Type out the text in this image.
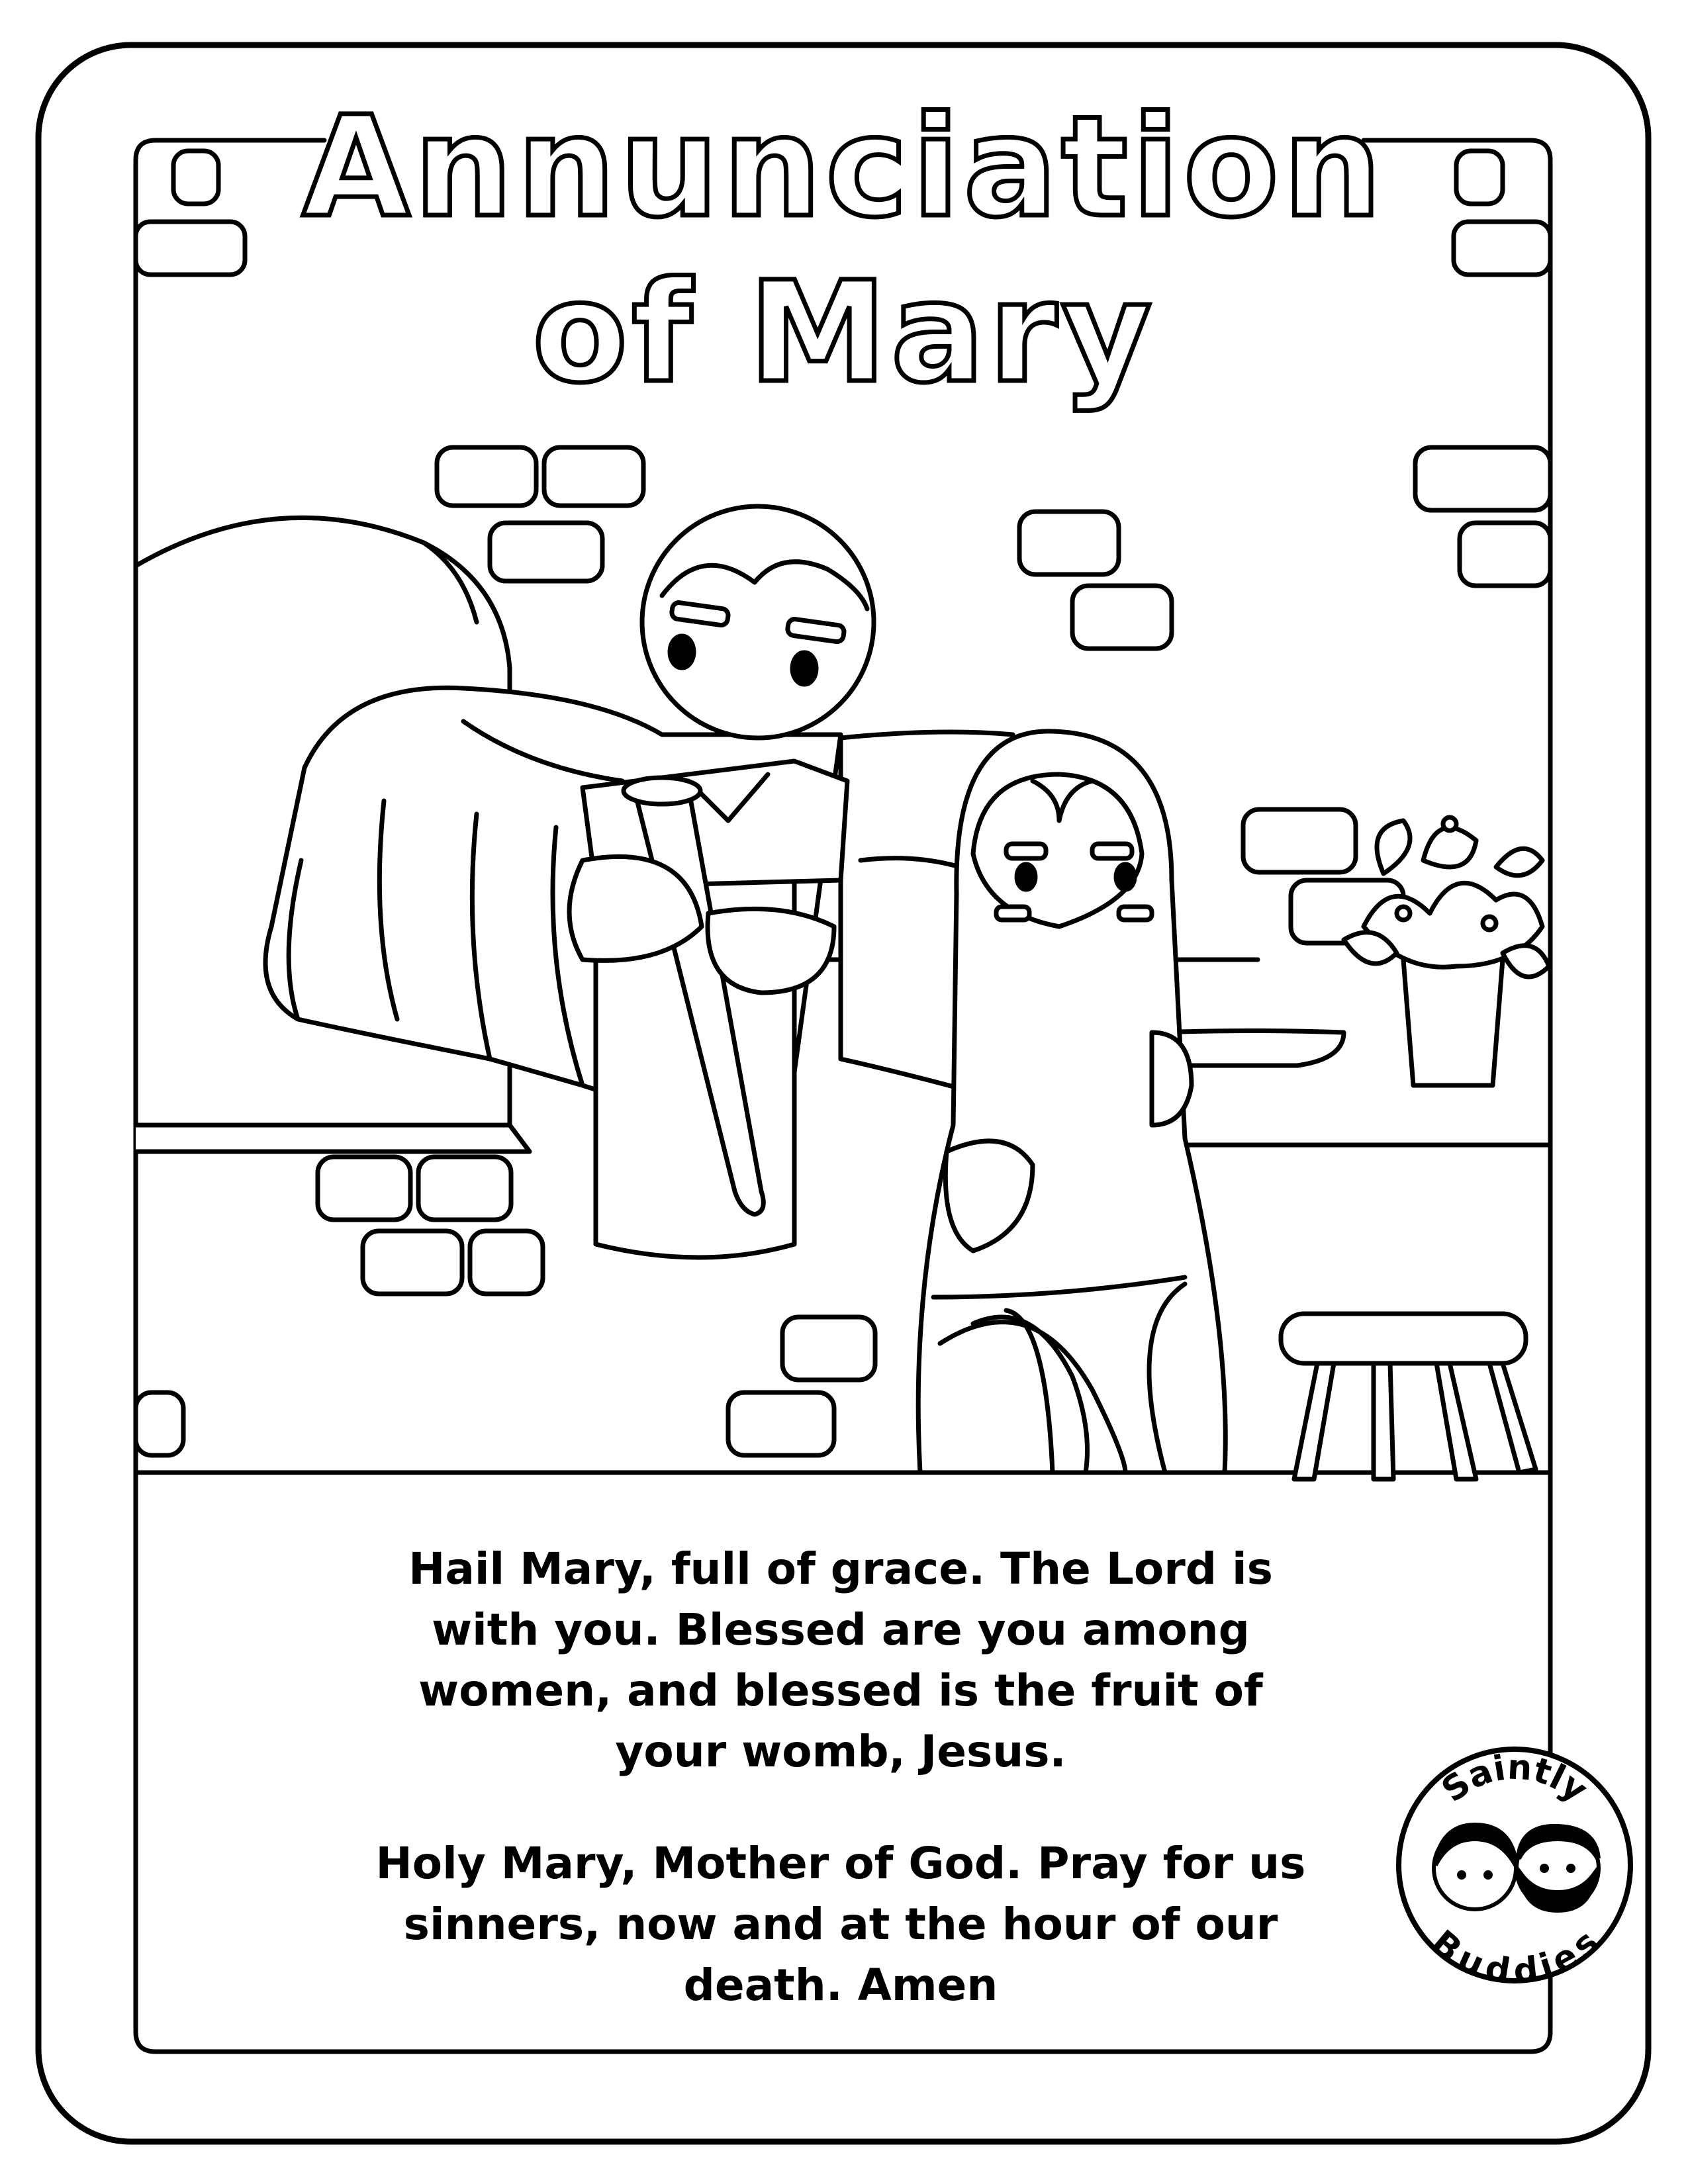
Annunciation
of Mary
Hail Mary, full of grace. The Lord is with you. Blessed are you among women, and blessed is the fruit of your womb, Jesus.
Holy Mary, Mother of God. Pray for us sinners, now and at the hour of our death. Amen
Saintly
Buddies
